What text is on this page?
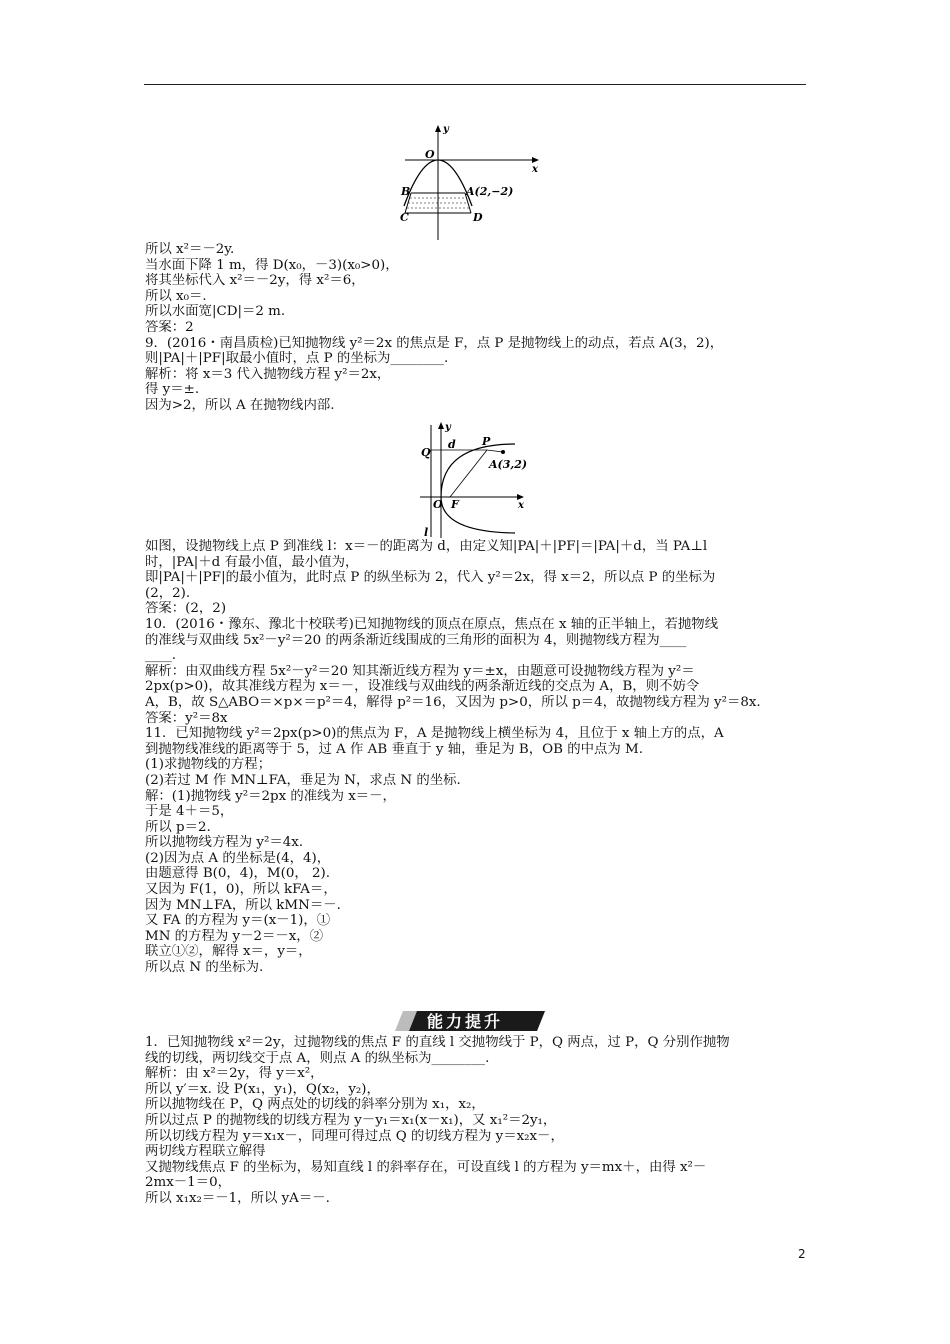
y
x
O
B	A(2,−2)
C	D
所以 x²＝－2y.
当水面下降 1 m，得 D(x₀，－3)(x₀>0)，
将其坐标代入 x²＝－2y，得 x²＝6，
所以 x₀＝.
所以水面宽|CD|＝2 m.
答案：2
9．(2016・南昌质检)已知抛物线 y²＝2x 的焦点是 F，点 P 是抛物线上的动点，若点 A(3，2)，
则|PA|＋|PF|取最小值时，点 P 的坐标为________.
解析：将 x＝3 代入抛物线方程 y²＝2x，
得 y＝±.
因为>2，所以 A 在抛物线内部.
y
x
Q
d P
A(3,2)
O F
l
如图，设抛物线上点 P 到准线 l：x＝－的距离为 d，由定义知|PA|＋|PF|＝|PA|＋d，当 PA⊥l
时，|PA|＋d 有最小值，最小值为，
即|PA|＋|PF|的最小值为，此时点 P 的纵坐标为 2，代入 y²＝2x，得 x＝2，所以点 P 的坐标为
(2，2).
答案：(2，2)
10．(2016・豫东、豫北十校联考)已知抛物线的顶点在原点，焦点在 x 轴的正半轴上，若抛物线
的准线与双曲线 5x²－y²＝20 的两条渐近线围成的三角形的面积为 4，则抛物线方程为____
____.
解析：由双曲线方程 5x²－y²＝20 知其渐近线方程为 y＝±x，由题意可设抛物线方程为 y²＝
2px(p>0)，故其准线方程为 x＝－，设准线与双曲线的两条渐近线的交点为 A，B，则不妨令
A，B，故 S△ABO＝×p×＝p²＝4，解得 p²＝16，又因为 p>0，所以 p＝4，故抛物线方程为 y²＝8x.
答案：y²＝8x
11．已知抛物线 y²＝2px(p>0)的焦点为 F，A 是抛物线上横坐标为 4，且位于 x 轴上方的点，A
到抛物线准线的距离等于 5，过 A 作 AB 垂直于 y 轴，垂足为 B，OB 的中点为 M.
(1)求抛物线的方程；
(2)若过 M 作 MN⊥FA，垂足为 N，求点 N 的坐标.
解：(1)抛物线 y²＝2px 的准线为 x＝－，
于是 4＋＝5，
所以 p＝2.
所以抛物线方程为 y²＝4x.
(2)因为点 A 的坐标是(4，4)，
由题意得 B(0，4)，M(0， 2).
又因为 F(1，0)，所以 kFA＝，
因为 MN⊥FA，所以 kMN＝－.
又 FA 的方程为 y＝(x－1)，①
MN 的方程为 y－2＝－x，②
联立①②，解得 x＝，y＝，
所以点 N 的坐标为.
能力提升
1．已知抛物线 x²＝2y，过抛物线的焦点 F 的直线 l 交抛物线于 P，Q 两点，过 P，Q 分别作抛物
线的切线，两切线交于点 A，则点 A 的纵坐标为________.
解析：由 x²＝2y，得 y＝x²，
所以 y′＝x. 设 P(x₁，y₁)，Q(x₂，y₂)，
所以抛物线在 P，Q 两点处的切线的斜率分别为 x₁，x₂，
所以过点 P 的抛物线的切线方程为 y－y₁＝x₁(x－x₁)，又 x₁²＝2y₁，
所以切线方程为 y＝x₁x－，同理可得过点 Q 的切线方程为 y＝x₂x－，
两切线方程联立解得
又抛物线焦点 F 的坐标为，易知直线 l 的斜率存在，可设直线 l 的方程为 y＝mx＋，由得 x²－
2mx－1＝0，
所以 x₁x₂＝－1，所以 yA＝－.
2
